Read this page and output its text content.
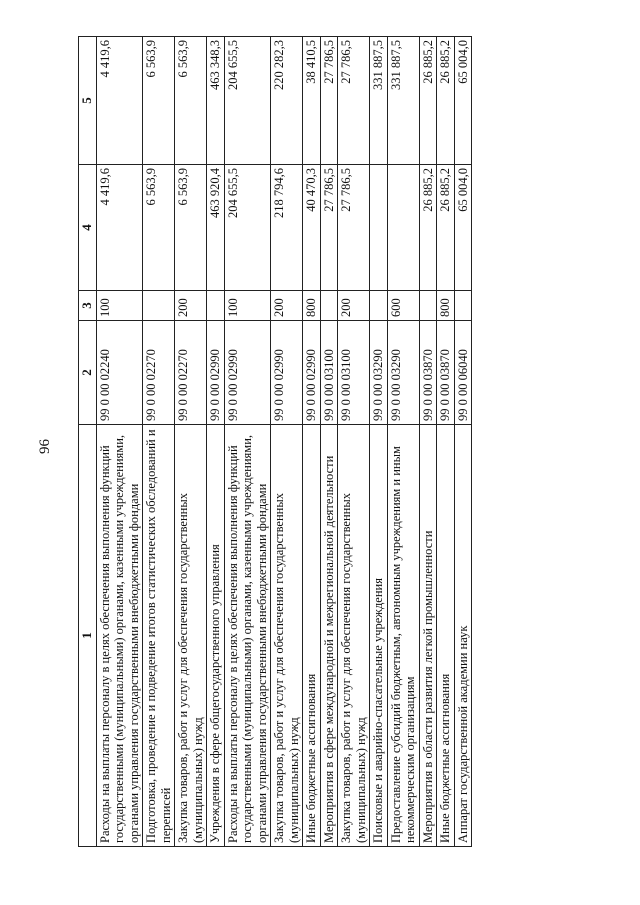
96
1	2	3	4	5
Расходы на выплаты персоналу в целях обеспечения выполнения функций государственными (муниципальными) органами, казенными учреждениями, органами управления государственными внебюджетными фондами	99 0 00 02240	100	4 419,6	4 419,6
Подготовка, проведение и подведение итогов статистических обследований и переписей	99 0 00 02270		6 563,9	6 563,9
Закупка товаров, работ и услуг для обеспечения государственных (муниципальных) нужд	99 0 00 02270	200	6 563,9	6 563,9
Учреждения в сфере общегосударственного управления	99 0 00 02990		463 920,4	463 348,3
Расходы на выплаты персоналу в целях обеспечения выполнения функций государственными (муниципальными) органами, казенными учреждениями, органами управления государственными внебюджетными фондами	99 0 00 02990	100	204 655,5	204 655,5
Закупка товаров, работ и услуг для обеспечения государственных (муниципальных) нужд	99 0 00 02990	200	218 794,6	220 282,3
Иные бюджетные ассигнования	99 0 00 02990	800	40 470,3	38 410,5
Мероприятия в сфере международной и межрегиональной деятельности	99 0 00 03100		27 786,5	27 786,5
Закупка товаров, работ и услуг для обеспечения государственных (муниципальных) нужд	99 0 00 03100	200	27 786,5	27 786,5
Поисковые и аварийно-спасательные учреждения	99 0 00 03290			331 887,5
Предоставление субсидий бюджетным, автономным учреждениям и иным некоммерческим организациям	99 0 00 03290	600		331 887,5
Мероприятия в области развития легкой промышленности	99 0 00 03870		26 885,2	26 885,2
Иные бюджетные ассигнования	99 0 00 03870	800	26 885,2	26 885,2
Аппарат государственной академии наук	99 0 00 06040		65 004,0	65 004,0
